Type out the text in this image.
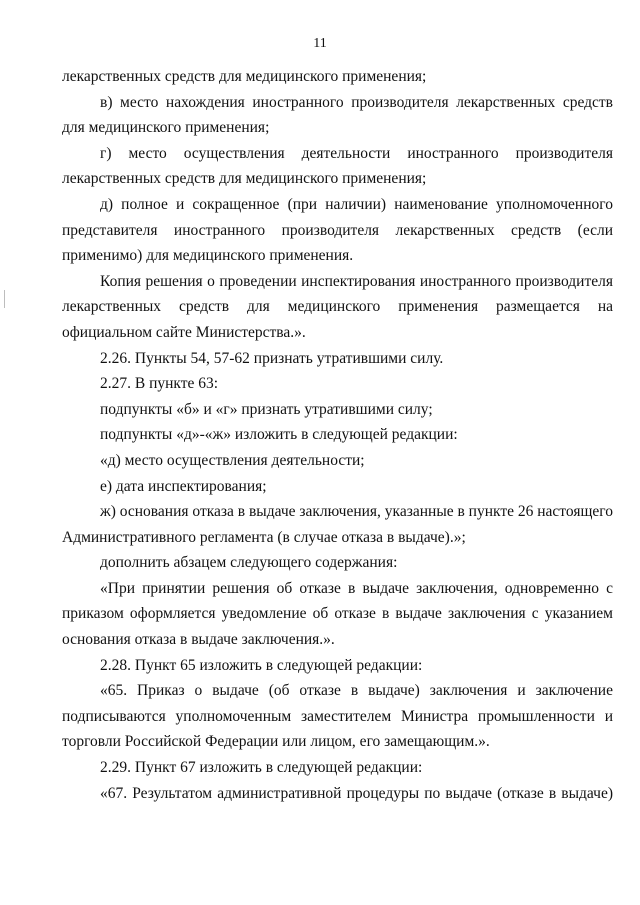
11

лекарственных средств для медицинского применения;

в) место нахождения иностранного производителя лекарственных средств для медицинского применения;

г) место осуществления деятельности иностранного производителя лекарственных средств для медицинского применения;

д) полное и сокращенное (при наличии) наименование уполномоченного представителя иностранного производителя лекарственных средств (если применимо) для медицинского применения.

Копия решения о проведении инспектирования иностранного производителя лекарственных средств для медицинского применения размещается на официальном сайте Министерства.».

2.26. Пункты 54, 57-62 признать утратившими силу.

2.27. В пункте 63:

подпункты «б» и «г» признать утратившими силу;

подпункты «д»-«ж» изложить в следующей редакции:

«д) место осуществления деятельности;

е) дата инспектирования;

ж) основания отказа в выдаче заключения, указанные в пункте 26 настоящего Административного регламента (в случае отказа в выдаче).»;

дополнить абзацем следующего содержания:

«При принятии решения об отказе в выдаче заключения, одновременно с приказом оформляется уведомление об отказе в выдаче заключения с указанием основания отказа в выдаче заключения.».

2.28. Пункт 65 изложить в следующей редакции:

«65. Приказ о выдаче (об отказе в выдаче) заключения и заключение подписываются уполномоченным заместителем Министра промышленности и торговли Российской Федерации или лицом, его замещающим.».

2.29. Пункт 67 изложить в следующей редакции:

«67. Результатом административной процедуры по выдаче (отказе в выдаче)
